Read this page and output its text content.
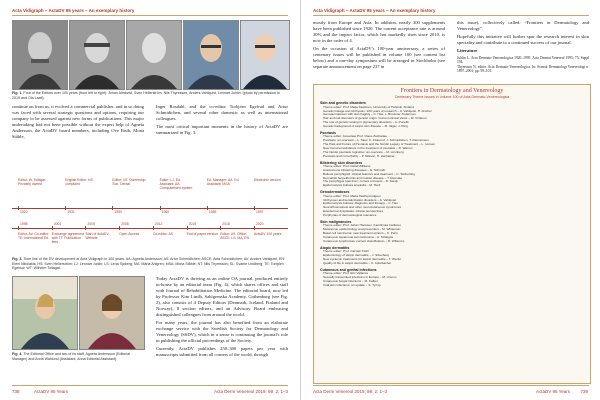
Acta Vidigraph – ActaDV 95 years – An exemplary history
Fig. 1. Four of the Editors over 100 years (from left to right): Johan Almkvist, Sven Hellerström, Nils Thyresson, Anders Vahlquist, Lennart Juhlin. (photo by permission in 2019 and Ola Laati).

continue on from us, it evolved a commercial publisher, and in so doing was faced with several strategic questions and options, requiring our company to be assessed against new forms of publications. This major undertaking had not been possible without the expert help of Agneta Andersson, the ActaDV board members, including Ove Ibsik, Mona Ståhle,

Inger Rosdahl, and the co-editor Torbjörn Egelrud and Artur Schmidtchen, and several other domestic as well as international colleagues.

The most critical important moments in the history of ActaDV are summarized in Fig. 3.

1920
Editor: W. Tollagat. Privately owned
1931
English Editor: HS. complaint
1950
Editor: NT. Ownership: Soc. Dental
1960
Editor: LJ. Ed. Assistant: AA. Computerised system
1985
Ed. Manager: AA. Ed. Assistant: MSA
1997
Electronic version
1998
Editor: AV. Co-editor: TE. International Ed.
2001
Exchange agreement with TF. Publication fees
2005
Start of ActaDV. Website
2008
Open Access
2012
Co-editor: AS
2015
End of paper version
2018
Editor: AS. Office: ASCE, LS, MA, EN
2020
ActaDV 100 years
Fig. 3. Time line of the DV development at Acta Vidigraph in 100 years. AA: Agneta Andersson; AS: Artur Schmidtchen; ASCE: Acta Schmidtchen; AV: Anders Vahlquist; EN: Eleni Nikolakis; HS: Sven Hellerström; LJ: Lennart Juhlin; LS: Lena Sjöberg; MA: Maria Ahlgren; MSA: Mona Ståhle; NT: Nils Thyresson; SL: Svante Lindberg; TE: Torbjörn Egelrud; WT: Wilhelm Tollagat.
Fig. 4. The Editorial Office and two of its staff, Agneta Andersson (Editorial Manager) and Anna Wahlund (Assistant; Anna Editorial Assistant).

Today ActaDV is thriving as an online OA journal, produced entirely in-house by an editorial team (Fig. 4), which shares offices and staff with Journal of Rehabilitation Medicine. The editorial board, now led by Professor Kim Lindh, Sahlgrenska Academy, Gothenburg (see Fig. 2), also consists of 4 Deputy Editors (Denmark, Iceland, Finland and Norway), 8 section editors, and an Advisory Board embracing distinguished colleagues from around the world.

For many years, the journal has also benefited from an elaborate exchange service with the Swedish Society for Dermatology and Venereology (SSDV), which in a sense is continuing the journal's role in publishing the official proceedings of the Society.

Currently, ActaDV publishes 250–300 papers per year with manuscripts submitted from all corners of the world, through

738	ActaDV 95 Years	Acta Derm Venereol 2019; 99: 2; 1–3
Acta Vidigraph – ActaDV 95 years – An exemplary history

mostly from Europe and Asia. In addition, nearly 300 supplements have been published since 1920. The current acceptance rate is around 30% and the impact factor, which has markedly risen since 2010, is now in the order of 4.

On the occasion of ActaDV's 100-year anniversary, a series of centenary issues will be published in volume 100 (see content list below) and a one-day symposium will be arranged in Stockholm (see separate announcement on page 237 in

this issue), collectively called: “Frontiers in Dermatology and Venereology”.

Hopefully this initiative will further spur the research interest in skin speciality and contribute to a continued success of our journal.

Literature

Juhlin L. Acta Dermato-Venereologica 1920–1995. Acta Dermat Venereol 1995; 75: Suppl 194.

Thyresson N, editor. Acta Dermato-Venereologica. In: Svensk Dermatologi Venereologi n. 1897–2001; pp. 99–101.

Frontiers in Dermatology and Venereology
Centenary Theme Issues in Volume 100 of Acta Dermato-Venereologica
Skin and genetic disorders
Theme editor: Prof. Maija Kaukinen, University of Helsinki, Finland
Genetic linkage and ichthyosis: 100 years of research – A. Vahlquist, H. Fischer
Genodermatoses with skin fragility – C. Has, L. Bruckner-Tuderman
Hair and nail disorders of genetic origin: Current clinical views – M. Virtanen
The role of genetic testing in pigmentary disorders – A. Pucelik
Genetic background of atopic skin disease – M. Jäger, J. Ring
Psoriasis
Theme editor: Associate Prof. Claus Zachariae
Psoriasis: an overview – L. Skov, K. Fiskerud, J. Schmidtchen, T. Rasmussen
The Past and Future of Psoriasis and the Nordic Legacy of Treatment – L. Iversen
New immunomodulators in the treatment of psoriasis – R. Warren
The Nordic psoriasis registries: an overview – M. Lönnberg
Psoriasis and comorbidity – P. Nilsson, H. Zachariae
Blistering skin disorders
Theme editor: Prof. Detlef Zillikens
Autoimmune blistering diseases – E. Schmidt
Bullous pemphigoid: clinical features and treatment – C. Sticherling
Dermatitis herpetiformis and coeliac disease – T. Reunala
The pemphigus spectrum: current concepts – D. Sardy
Epidermolysis bullosa acquisita – M. Hertl
Genodermatoses
Theme editor: Prof. Maria Tawfiq-Lindgren
Ichthyoses and keratinization disorders – A. Vahlquist
Epidermolysis bullosa: diagnosis and therapy – C. Has
Neurofibromatosis and other neurocutaneous syndromes
Ectodermal dysplasias: clinical perspectives
Porphyrias of dermatological relevance
Skin malignancies
Theme editor: Prof. Johan Hansson, Karolinska Institutet
Melanoma: epidemiology and prevention – M. Whiteman
Basal cell carcinoma: new treatment options – K. Peris
Cutaneous squamous cell carcinoma – A. Stratigos
Cutaneous lymphomas: current classification – R. Willemze
Atopic dermatitis
Theme editor: Prof. Carsten Flohr
Epidemiology of atopic dermatitis – J. Silverberg
New systemic treatments for atopic dermatitis – T. Werfel
Quality of life in atopic dermatitis – C. Apfelbacher
Cutaneous and genital infections
Theme editor: Prof. Eric Vallance
Sexually transmitted infections in Europe – M. Unemo
Cutaneous fungal infections – M. Kalbel
Viral skin infections: an update – S. Tyring
Acta Derm Venereol 2019; 99: 2; 1–3	ActaDV 95 Years 739
